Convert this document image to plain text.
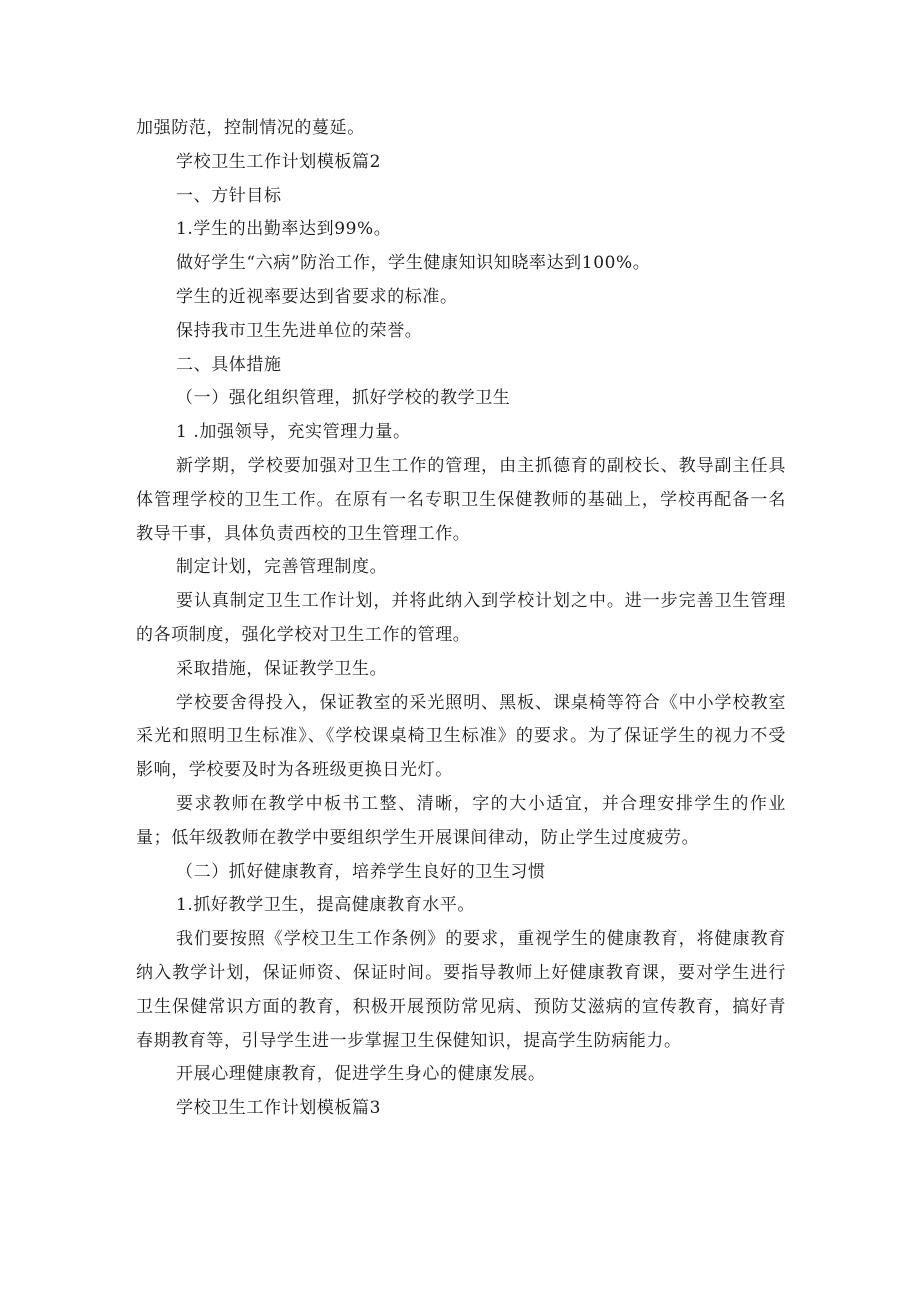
加强防范，控制情况的蔓延。

学校卫生工作计划模板篇2

一、方针目标

1.学生的出勤率达到99%。

做好学生“六病”防治工作，学生健康知识知晓率达到100%。

学生的近视率要达到省要求的标准。

保持我市卫生先进单位的荣誉。

二、具体措施

（一）强化组织管理，抓好学校的教学卫生

1 .加强领导，充实管理力量。

新学期，学校要加强对卫生工作的管理，由主抓德育的副校长、教导副主任具体管理学校的卫生工作。在原有一名专职卫生保健教师的基础上，学校再配备一名教导干事，具体负责西校的卫生管理工作。

制定计划，完善管理制度。

要认真制定卫生工作计划，并将此纳入到学校计划之中。进一步完善卫生管理的各项制度，强化学校对卫生工作的管理。

采取措施，保证教学卫生。

学校要舍得投入，保证教室的采光照明、黑板、课桌椅等符合《中小学校教室采光和照明卫生标准》、《学校课桌椅卫生标准》的要求。为了保证学生的视力不受影响，学校要及时为各班级更换日光灯。

要求教师在教学中板书工整、清晰，字的大小适宜，并合理安排学生的作业量；低年级教师在教学中要组织学生开展课间律动，防止学生过度疲劳。

（二）抓好健康教育，培养学生良好的卫生习惯

1.抓好教学卫生，提高健康教育水平。

我们要按照《学校卫生工作条例》的要求，重视学生的健康教育，将健康教育纳入教学计划，保证师资、保证时间。要指导教师上好健康教育课，要对学生进行卫生保健常识方面的教育，积极开展预防常见病、预防艾滋病的宣传教育，搞好青春期教育等，引导学生进一步掌握卫生保健知识，提高学生防病能力。

开展心理健康教育，促进学生身心的健康发展。

学校卫生工作计划模板篇3
